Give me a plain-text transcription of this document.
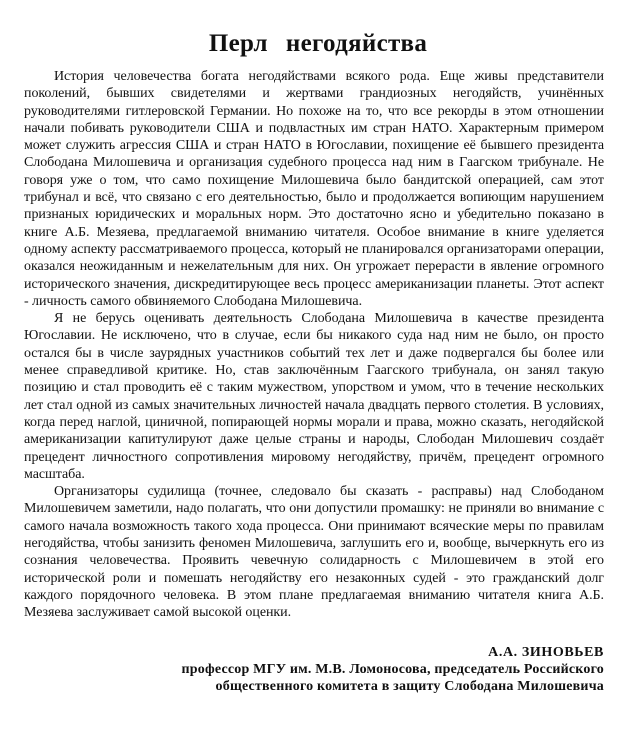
Перл негодяйства

История человечества богата негодяйствами всякого рода. Еще живы представители поколений, бывших свидетелями и жертвами грандиозных негодяйств, учинённых руководителями гитлеровской Германии. Но похоже на то, что все рекорды в этом отношении начали побивать руководители США и подвластных им стран НАТО. Характерным примером может служить агрессия США и стран НАТО в Югославии, похищение её бывшего президента Слободана Милошевича и организация судебного процесса над ним в Гаагском трибунале. Не говоря уже о том, что само похищение Милошевича было бандитской операцией, сам этот трибунал и всё, что связано с его деятельностью, было и продолжается вопиющим нарушением признаных юридических и моральных норм. Это достаточно ясно и убедительно показано в книге А.Б. Мезяева, предлагаемой вниманию читателя. Особое внимание в книге уделяется одному аспекту рассматриваемого процесса, который не планировался организаторами операции, оказался неожиданным и нежелательным для них. Он угрожает перерасти в явление огромного исторического значения, дискредитирующее весь процесс американизации планеты. Этот аспект - личность самого обвиняемого Слободана Милошевича.

Я не берусь оценивать деятельность Слободана Милошевича в качестве президента Югославии. Не исключено, что в случае, если бы никакого суда над ним не было, он просто остался бы в числе заурядных участников событий тех лет и даже подвергался бы более или менее справедливой критике. Но, став заключённым Гаагского трибунала, он занял такую позицию и стал проводить её с таким мужеством, упорством и умом, что в течение нескольких лет стал одной из самых значительных личностей начала двадцать первого столетия. В условиях, когда перед наглой, циничной, попирающей нормы морали и права, можно сказать, негодяйской американизации капитулируют даже целые страны и народы, Слободан Милошевич создаёт прецедент личностного сопротивления мировому негодяйству, причём, прецедент огромного масштаба.

Организаторы судилища (точнее, следовало бы сказать - расправы) над Слободаном Милошевичем заметили, надо полагать, что они допустили промашку: не приняли во внимание с самого начала возможность такого хода процесса. Они принимают всяческие меры по правилам негодяйства, чтобы занизить феномен Милошевича, заглушить его и, вообще, вычеркнуть его из сознания человечества. Проявить чевечную солидарность с Милошевичем в этой его исторической роли и помешать негодяйству его незаконных судей - это гражданский долг каждого порядочного человека. В этом плане предлагаемая вниманию читателя книга А.Б. Мезяева заслуживает самой высокой оценки.

А.А. ЗИНОВЬЕВ
профессор МГУ им. М.В. Ломоносова, председатель Российского
общественного комитета в защиту Слободана Милошевича
